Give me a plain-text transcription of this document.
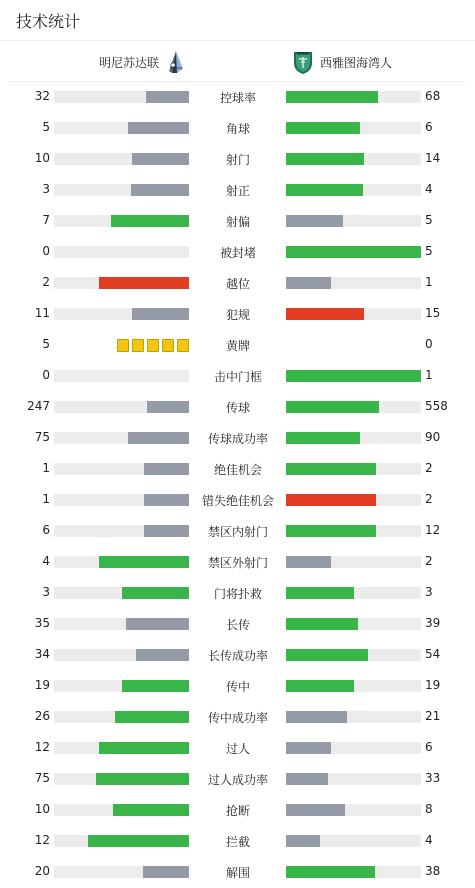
技术统计
明尼苏达联	西雅图海湾人
32	控球率	68
5	角球	6
10	射门	14
3	射正	4
7	射偏	5
0	被封堵	5
2	越位	1
11	犯规	15
5	黄牌	0
0	击中门框	1
247	传球	558
75	传球成功率	90
1	绝佳机会	2
1	错失绝佳机会	2
6	禁区内射门	12
4	禁区外射门	2
3	门将扑救	3
35	长传	39
34	长传成功率	54
19	传中	19
26	传中成功率	21
12	过人	6
75	过人成功率	33
10	抢断	8
12	拦截	4
20	解围	38
